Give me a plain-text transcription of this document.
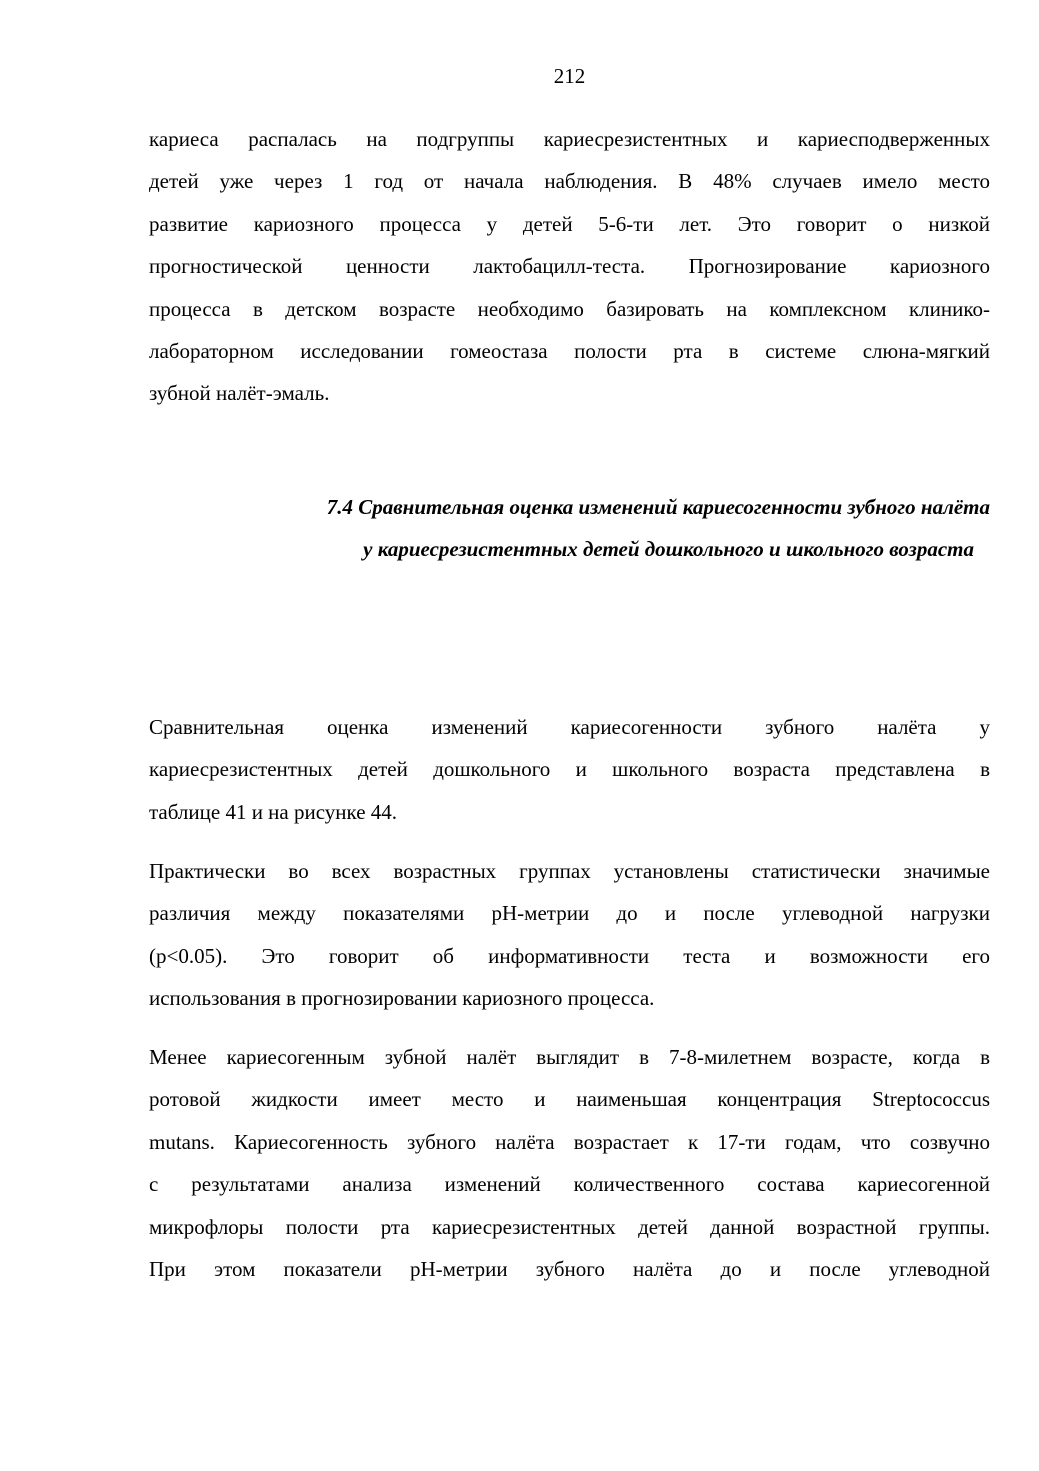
212
кариеса распалась на подгруппы кариесрезистентных и кариесподверженных
детей уже через 1 год от начала наблюдения. В 48% случаев имело место
развитие кариозного процесса у детей 5-6-ти лет. Это говорит о низкой
прогностической ценности лактобацилл-теста. Прогнозирование кариозного
процесса в детском возрасте необходимо базировать на комплексном клинико-
лабораторном исследовании гомеостаза полости рта в системе слюна-мягкий
зубной налёт-эмаль.
7.4 Сравнительная оценка изменений кариесогенности зубного налёта
у кариесрезистентных детей дошкольного и школьного возраста
Сравнительная оценка изменений кариесогенности зубного налёта у
кариесрезистентных детей дошкольного и школьного возраста представлена в
таблице 41 и на рисунке 44.
Практически во всех возрастных группах установлены статистически значимые
различия между показателями рН-метрии до и после углеводной нагрузки
(р<0.05). Это говорит об информативности теста и возможности его
использования в прогнозировании кариозного процесса.
Менее кариесогенным зубной налёт выглядит в 7-8-милетнем возрасте, когда в
ротовой жидкости имеет место и наименьшая концентрация Streptococcus
mutans. Кариесогенность зубного налёта возрастает к 17-ти годам, что созвучно
с результатами анализа изменений количественного состава кариесогенной
микрофлоры полости рта кариесрезистентных детей данной возрастной группы.
При этом показатели рН-метрии зубного налёта до и после углеводной
